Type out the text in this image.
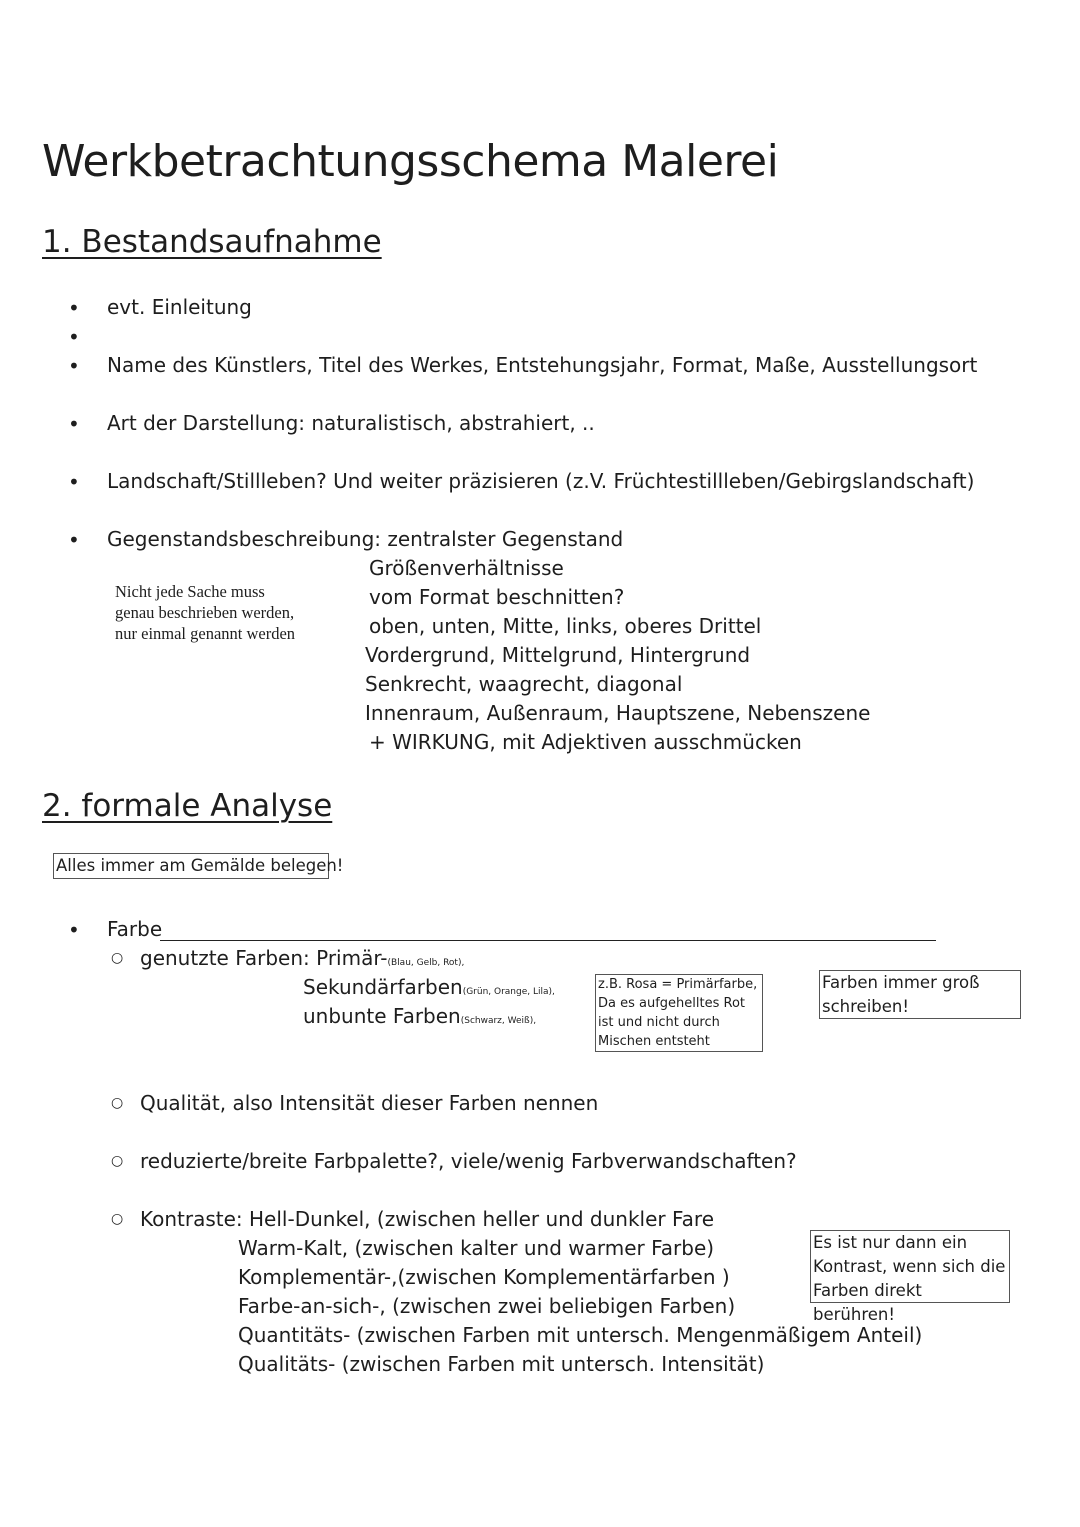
Werkbetrachtungsschema Malerei
1. Bestandsaufnahme
• evt. Einleitung
•
• Name des Künstlers, Titel des Werkes, Entstehungsjahr, Format, Maße, Ausstellungsort
• Art der Darstellung: naturalistisch, abstrahiert, ..
• Landschaft/Stillleben? Und weiter präzisieren (z.V. Früchtestillleben/Gebirgslandschaft)
• Gegenstandsbeschreibung: zentralster Gegenstand
Größenverhältnisse
vom Format beschnitten?
oben, unten, Mitte, links, oberes Drittel
Vordergrund, Mittelgrund, Hintergrund
Senkrecht, waagrecht, diagonal
Innenraum, Außenraum, Hauptszene, Nebenszene
+ WIRKUNG, mit Adjektiven ausschmücken
Nicht jede Sache muss genau beschrieben werden, nur einmal genannt werden
2. formale Analyse
Alles immer am Gemälde belegen!
• Farbe
○ genutzte Farben: Primär-(Blau, Gelb, Rot),
Sekundärfarben(Grün, Orange, Lila),
unbunte Farben(Schwarz, Weiß),
z.B. Rosa = Primärfarbe, Da es aufgehelltes Rot ist und nicht durch Mischen entsteht
Farben immer groß schreiben!
○ Qualität, also Intensität dieser Farben nennen
○ reduzierte/breite Farbpalette?, viele/wenig Farbverwandschaften?
○ Kontraste: Hell-Dunkel, (zwischen heller und dunkler Fare
Warm-Kalt, (zwischen kalter und warmer Farbe)
Komplementär-,(zwischen Komplementärfarben )
Farbe-an-sich-, (zwischen zwei beliebigen Farben)
Quantitäts- (zwischen Farben mit untersch. Mengenmäßigem Anteil)
Qualitäts- (zwischen Farben mit untersch. Intensität)
Es ist nur dann ein Kontrast, wenn sich die Farben direkt berühren!
